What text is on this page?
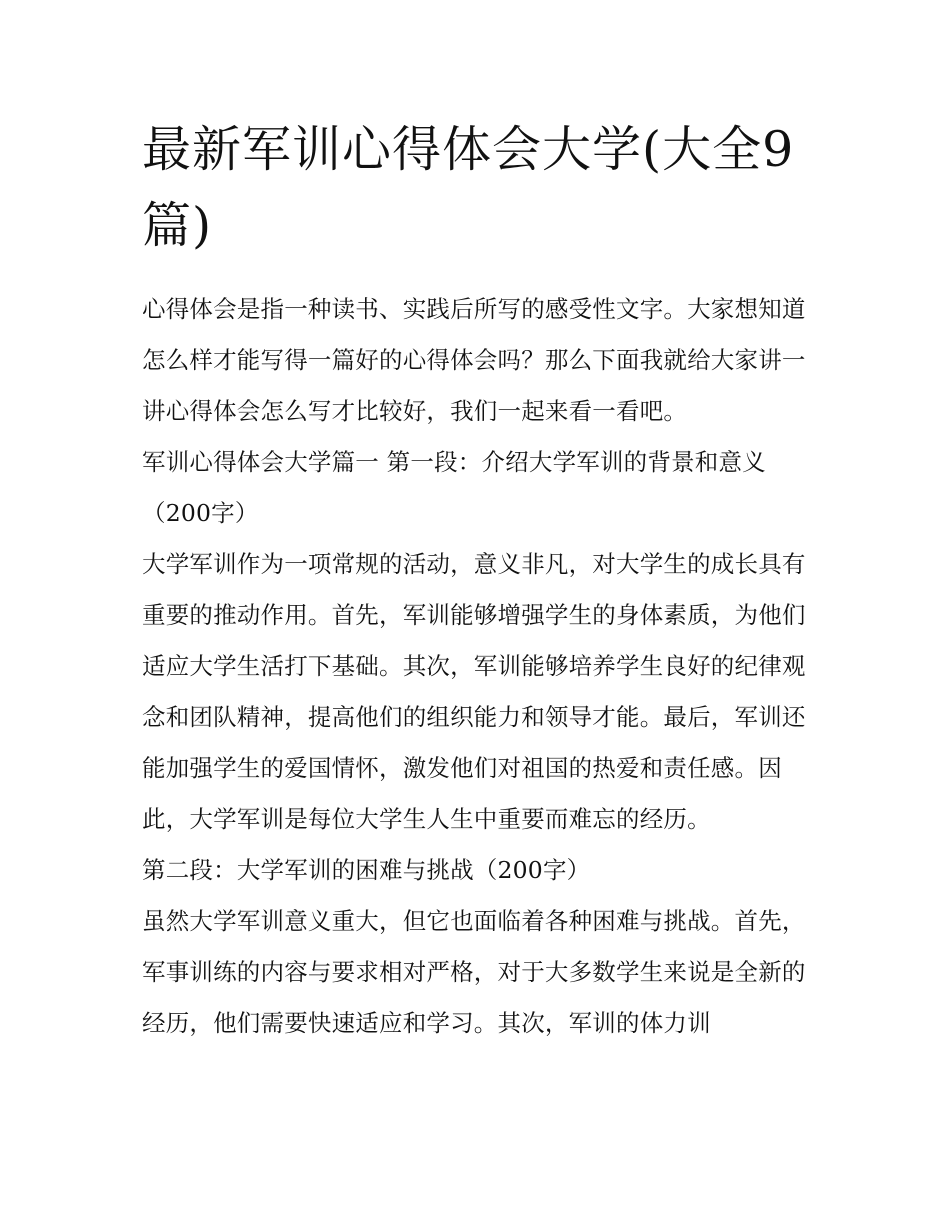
最新军训心得体会大学(大全9篇)

心得体会是指一种读书、实践后所写的感受性文字。大家想知道怎么样才能写得一篇好的心得体会吗？那么下面我就给大家讲一讲心得体会怎么写才比较好，我们一起来看一看吧。

军训心得体会大学篇一 第一段：介绍大学军训的背景和意义（200字）

大学军训作为一项常规的活动，意义非凡，对大学生的成长具有重要的推动作用。首先，军训能够增强学生的身体素质，为他们适应大学生活打下基础。其次，军训能够培养学生良好的纪律观念和团队精神，提高他们的组织能力和领导才能。最后，军训还能加强学生的爱国情怀，激发他们对祖国的热爱和责任感。因此，大学军训是每位大学生人生中重要而难忘的经历。

第二段：大学军训的困难与挑战（200字）

虽然大学军训意义重大，但它也面临着各种困难与挑战。首先，军事训练的内容与要求相对严格，对于大多数学生来说是全新的经历，他们需要快速适应和学习。其次，军训的体力训
